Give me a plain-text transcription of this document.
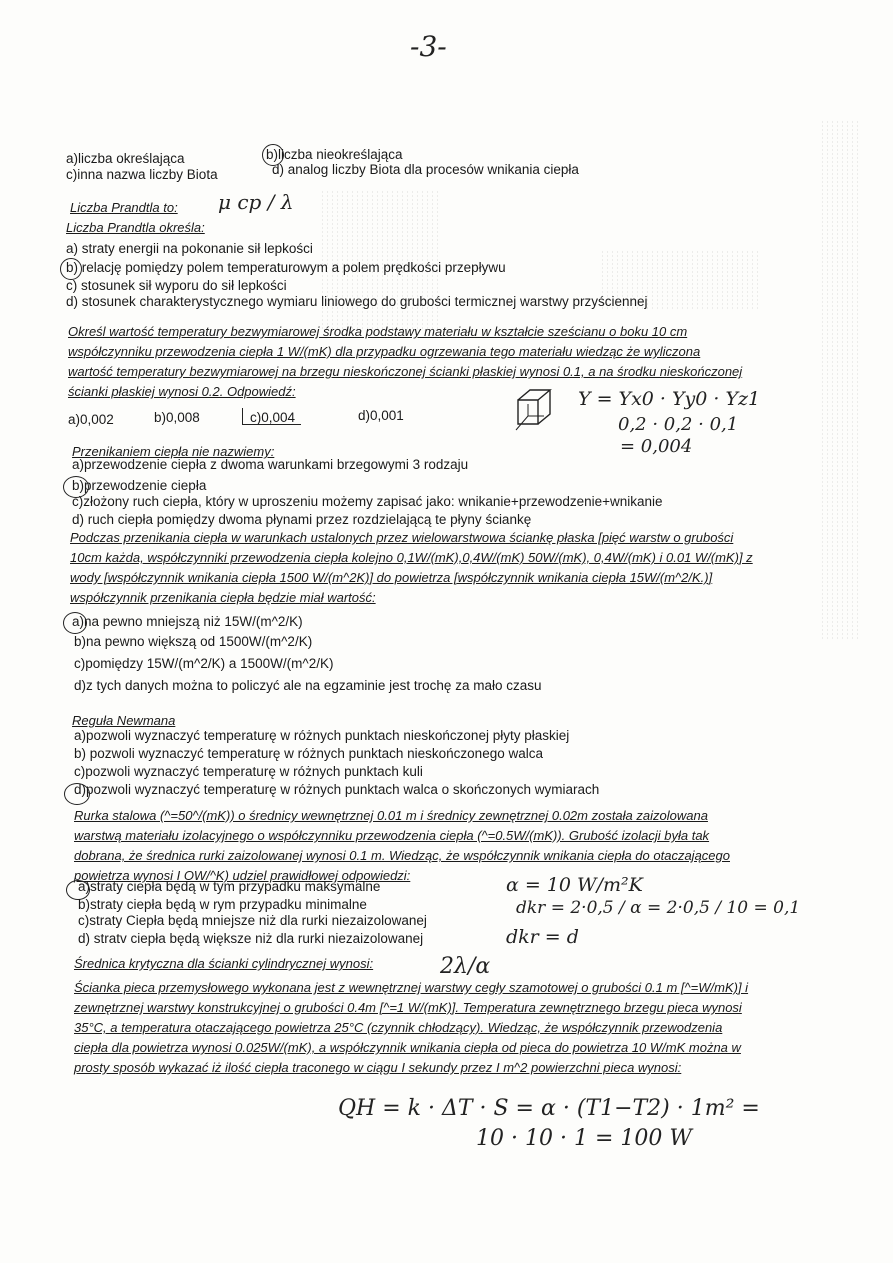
-3-
a)liczba określająca	b)liczba nieokreślająca
c)inna nazwa liczby Biota	d) analog liczby Biota dla procesów wnikania ciepła
Liczba Prandtla to: μ cp / λ
Liczba Prandtla określa:
a) straty energii na pokonanie sił lepkości
b) relację pomiędzy polem temperaturowym a polem prędkości przepływu
c) stosunek sił wyporu do sił lepkości
d) stosunek charakterystycznego wymiaru liniowego do grubości termicznej warstwy przyściennej
Określ wartość temperatury bezwymiarowej środka podstawy materiału w kształcie sześcianu o boku 10 cm współczynniku przewodzenia ciepła 1 W/(mK) dla przypadku ogrzewania tego materiału wiedząc że wyliczona wartość temperatury bezwymiarowej na brzegu nieskończonej ścianki płaskiej wynosi 0.1, a na środku nieskończonej ścianki płaskiej wynosi 0.2. Odpowiedź:
a)0,002	b)0,008	c)0,004	d)0,001
Y = Yx0 · Yy0 · Yz1
0,2 · 0,2 · 0,1
= 0,004
Przenikaniem ciepła nie nazwiemy:
a)przewodzenie ciepła z dwoma warunkami brzegowymi 3 rodzaju
b)przewodzenie ciepła
c)złożony ruch ciepła, który w uproszeniu możemy zapisać jako: wnikanie+przewodzenie+wnikanie
d) ruch ciepła pomiędzy dwoma płynami przez rozdzielającą te płyny ściankę
Podczas przenikania ciepła w warunkach ustalonych przez wielowarstwowa ściankę płaska [pięć warstw o grubości 10cm każda, współczynniki przewodzenia ciepła kolejno 0,1W/(mK),0,4W/(mK) 50W/(mK), 0,4W/(mK) i 0.01 W/(mK)] z wody [współczynnik wnikania ciepła 1500 W/(m^2K)] do powietrza [współczynnik wnikania ciepła 15W/(m^2/K.)] współczynnik przenikania ciepła będzie miał wartość:
a)na pewno mniejszą niż 15W/(m^2/K)
b)na pewno większą od 1500W/(m^2/K)
c)pomiędzy 15W/(m^2/K) a 1500W/(m^2/K)
d)z tych danych można to policzyć ale na egzaminie jest trochę za mało czasu
Reguła Newmana
a)pozwoli wyznaczyć temperaturę w różnych punktach nieskończonej płyty płaskiej
b) pozwoli wyznaczyć temperaturę w różnych punktach nieskończonego walca
c)pozwoli wyznaczyć temperaturę w różnych punktach kuli
d)pozwoli wyznaczyć temperaturę w różnych punktach walca o skończonych wymiarach
Rurka stalowa (^=50^/(mK)) o średnicy wewnętrznej 0.01 m i średnicy zewnętrznej 0.02m została zaizolowana warstwą materiału izolacyjnego o współczynniku przewodzenia ciepła (^=0.5W/(mK)). Grubość izolacji była tak dobrana, że średnica rurki zaizolowanej wynosi 0.1 m. Wiedząc, że współczynnik wnikania ciepła do otaczającego powietrza wynosi I OW/^K) udziel prawidłowej odpowiedzi:
a)straty ciepła będą w tym przypadku maksymalne
b)straty ciepła będą w rym przypadku minimalne
c)straty Ciepła będą mniejsze niż dla rurki niezaizolowanej
d) stratv ciepła będą większe niż dla rurki niezaizolowanej
α = 10 W/m²K
dkr = 2·0,5 / α = 2·0,5 / 10 = 0,1
dkr = d
Średnica krytyczna dla ścianki cylindrycznej wynosi:	2λ/α
Ścianka pieca przemysłowego wykonana jest z wewnętrznej warstwy cegły szamotowej o grubości 0.1 m [^=W/mK)] i zewnętrznej warstwy konstrukcyjnej o grubości 0.4m [^=1 W/(mK)]. Temperatura zewnętrznego brzegu pieca wynosi 35°C, a temperatura otaczającego powietrza 25°C (czynnik chłodzący). Wiedząc, że współczynnik przewodzenia ciepła dla powietrza wynosi 0.025W/(mK), a współczynnik wnikania ciepła od pieca do powietrza 10 W/mK można w prosty sposób wykazać iż ilość ciepła traconego w ciągu I sekundy przez I m^2 powierzchni pieca wynosi:
QH = k · ΔT · S = α · (T1−T2) · 1m² =
10 · 10 · 1 = 100 W
